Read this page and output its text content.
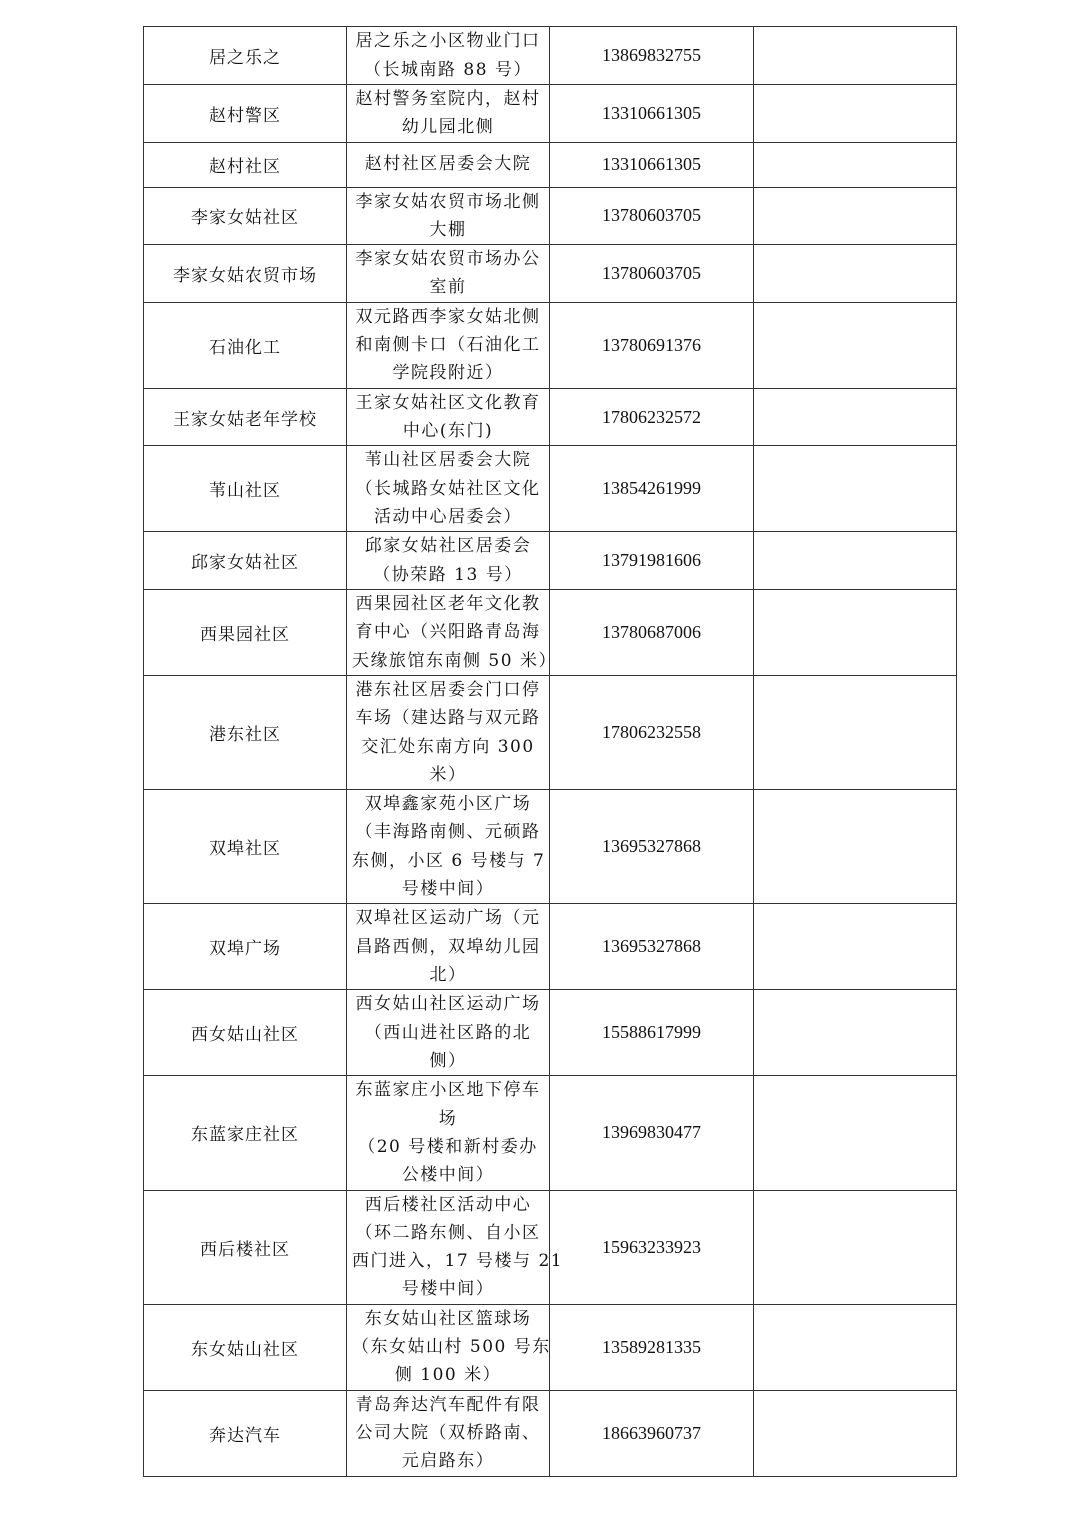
居之乐之	居之乐之小区物业门口
（长城南路 88 号）	13869832755	
赵村警区	赵村警务室院内，赵村
幼儿园北侧	13310661305	
赵村社区	赵村社区居委会大院	13310661305	
李家女姑社区	李家女姑农贸市场北侧
大棚	13780603705	
李家女姑农贸市场	李家女姑农贸市场办公
室前	13780603705	
石油化工	双元路西李家女姑北侧
和南侧卡口（石油化工
学院段附近）	13780691376	
王家女姑老年学校	王家女姑社区文化教育
中心(东门)	17806232572	
苇山社区	苇山社区居委会大院
（长城路女姑社区文化
活动中心居委会）	13854261999	
邱家女姑社区	邱家女姑社区居委会
（协荣路 13 号）	13791981606	
西果园社区	西果园社区老年文化教
育中心（兴阳路青岛海
天缘旅馆东南侧 50 米）	13780687006	
港东社区	港东社区居委会门口停
车场（建达路与双元路
交汇处东南方向 300
米）	17806232558	
双埠社区	双埠鑫家苑小区广场
（丰海路南侧、元硕路
东侧，小区 6 号楼与 7
号楼中间）	13695327868	
双埠广场	双埠社区运动广场（元
昌路西侧，双埠幼儿园
北）	13695327868	
西女姑山社区	西女姑山社区运动广场
（西山进社区路的北
侧）	15588617999	
东蓝家庄社区	东蓝家庄小区地下停车
场
（20 号楼和新村委办
公楼中间）	13969830477	
西后楼社区	西后楼社区活动中心
（环二路东侧、自小区
西门进入，17 号楼与 21
号楼中间）	15963233923	
东女姑山社区	东女姑山社区篮球场
（东女姑山村 500 号东
侧 100 米）	13589281335	
奔达汽车	青岛奔达汽车配件有限
公司大院（双桥路南、
元启路东）	18663960737	
